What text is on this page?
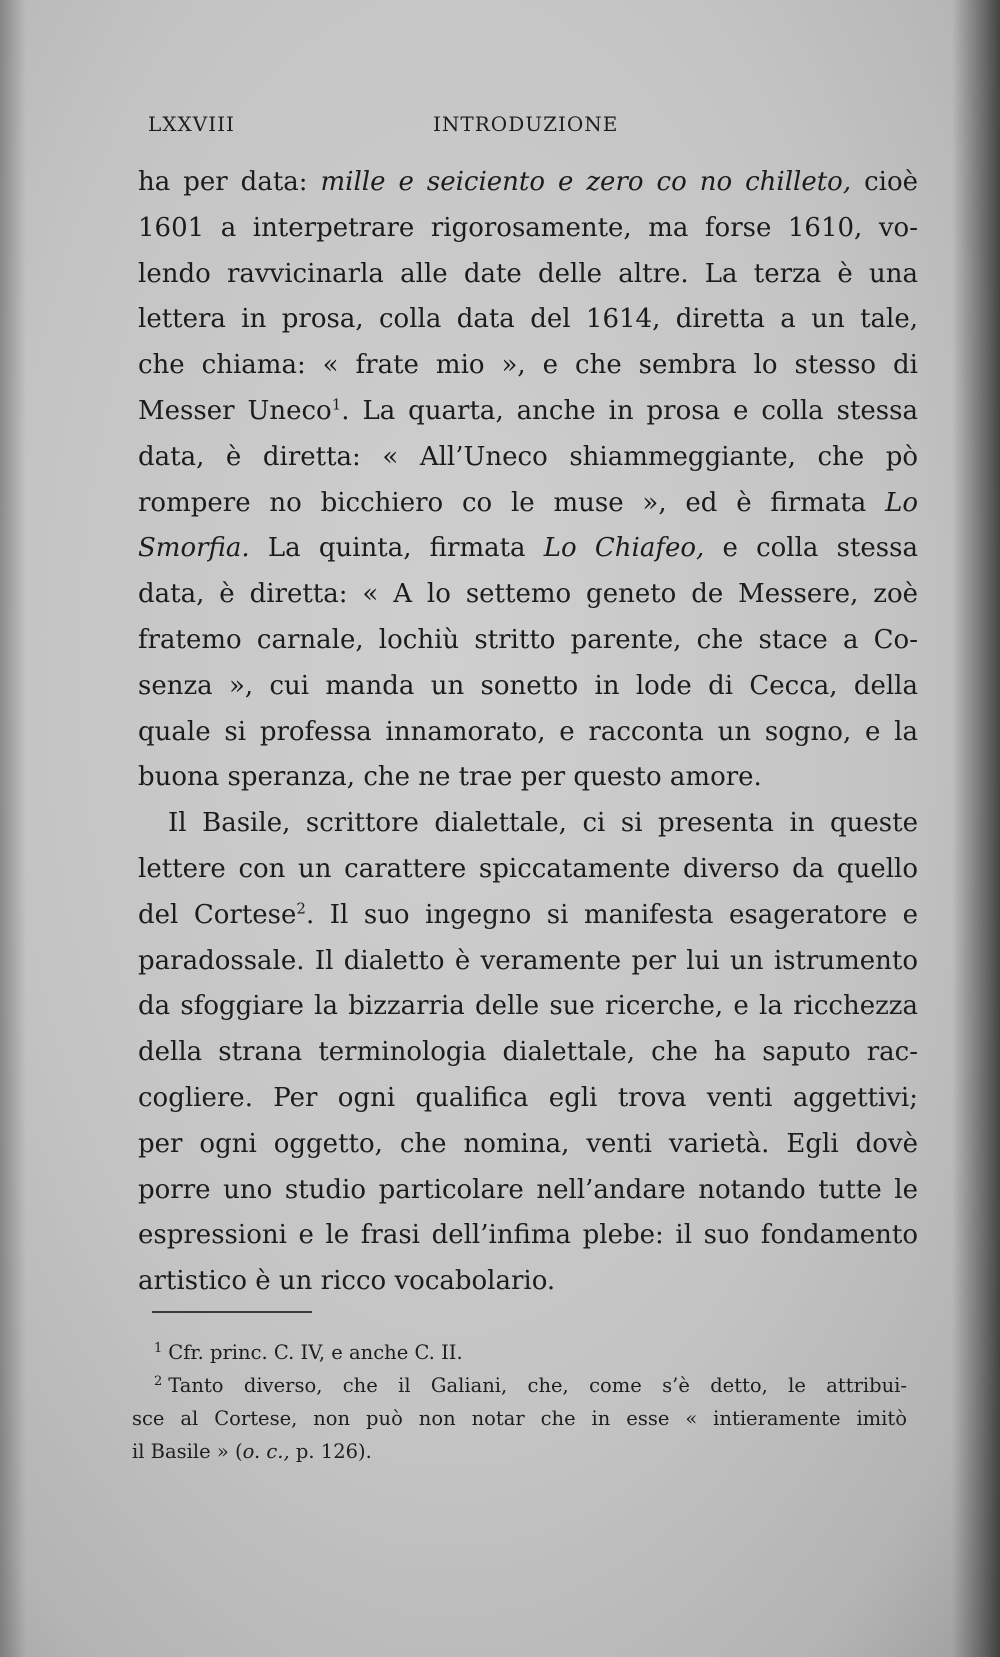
LXXVIII	INTRODUZIONE
ha per data: mille e seiciento e zero co no chilleto, cioè
1601 a interpetrare rigorosamente, ma forse 1610, vo-
lendo ravvicinarla alle date delle altre. La terza è una
lettera in prosa, colla data del 1614, diretta a un tale,
che chiama: « frate mio », e che sembra lo stesso di
Messer Uneco$^1$. La quarta, anche in prosa e colla stessa
data, è diretta: « All’Uneco shiammeggiante, che pò
rompere no bicchiero co le muse », ed è firmata Lo
Smorfia. La quinta, firmata Lo Chiafeo, e colla stessa
data, è diretta: « A lo settemo geneto de Messere, zoè
fratemo carnale, lochiù stritto parente, che stace a Co-
senza », cui manda un sonetto in lode di Cecca, della
quale si professa innamorato, e racconta un sogno, e la
buona speranza, che ne trae per questo amore.
Il Basile, scrittore dialettale, ci si presenta in queste
lettere con un carattere spiccatamente diverso da quello
del Cortese$^2$. Il suo ingegno si manifesta esageratore e
paradossale. Il dialetto è veramente per lui un istrumento
da sfoggiare la bizzarria delle sue ricerche, e la ricchezza
della strana terminologia dialettale, che ha saputo rac-
cogliere. Per ogni qualifica egli trova venti aggettivi;
per ogni oggetto, che nomina, venti varietà. Egli dovè
porre uno studio particolare nell’andare notando tutte le
espressioni e le frasi dell’infima plebe: il suo fondamento
artistico è un ricco vocabolario.
$^1$ Cfr. princ. C. IV, e anche C. II.
$^2$ Tanto diverso, che il Galiani, che, come s’è detto, le attribui-
sce al Cortese, non può non notar che in esse « intieramente imitò
il Basile » (o. c., p. 126).
